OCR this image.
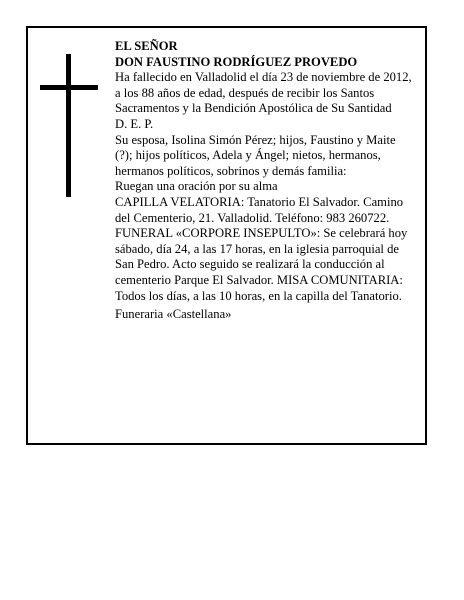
EL SEÑOR

DON FAUSTINO RODRÍGUEZ PROVEDO

Ha fallecido en Valladolid el día 23 de noviembre de 2012, a los 88 años de edad, después de recibir los Santos Sacramentos y la Bendición Apostólica de Su Santidad

D. E. P.

Su esposa, Isolina Simón Pérez; hijos, Faustino y Maite (?); hijos políticos, Adela y Ángel; nietos, hermanos, hermanos políticos, sobrinos y demás familia:

Ruegan una oración por su alma

CAPILLA VELATORIA: Tanatorio El Salvador. Camino del Cementerio, 21. Valladolid. Teléfono: 983 260722.

FUNERAL «CORPORE INSEPULTO»: Se celebrará hoy sábado, día 24, a las 17 horas, en la iglesia parroquial de San Pedro. Acto seguido se realizará la conducción al cementerio Parque El Salvador. MISA COMUNITARIA: Todos los días, a las 10 horas, en la capilla del Tanatorio.

Funeraria «Castellana»
